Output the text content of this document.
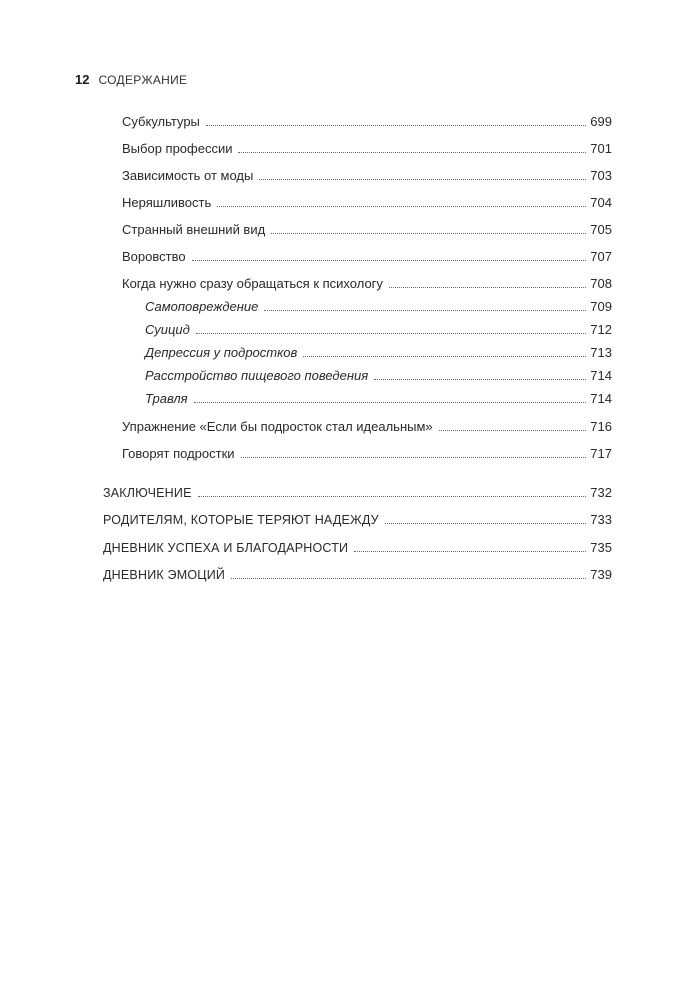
12 СОДЕРЖАНИЕ
Субкультуры	699
Выбор профессии	701
Зависимость от моды	703
Неряшливость	704
Странный внешний вид	705
Воровство	707
Когда нужно сразу обращаться к психологу	708
Самоповреждение	709
Суицид	712
Депрессия у подростков	713
Расстройство пищевого поведения	714
Травля	714
Упражнение «Если бы подросток стал идеальным»	716
Говорят подростки	717
ЗАКЛЮЧЕНИЕ	732
РОДИТЕЛЯМ, КОТОРЫЕ ТЕРЯЮТ НАДЕЖДУ	733
ДНЕВНИК УСПЕХА И БЛАГОДАРНОСТИ	735
ДНЕВНИК ЭМОЦИЙ	739
